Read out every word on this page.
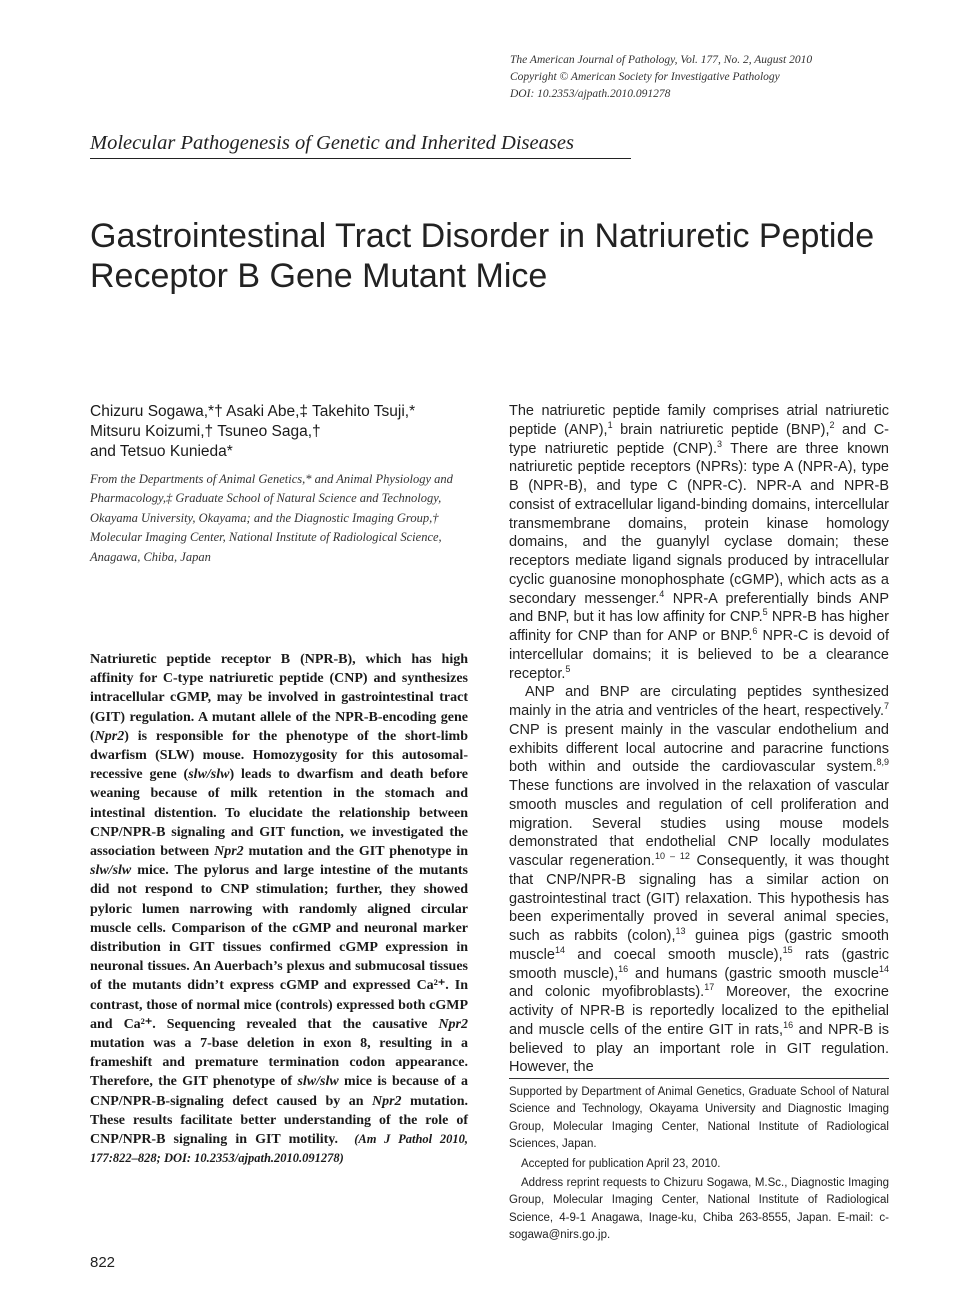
The American Journal of Pathology, Vol. 177, No. 2, August 2010
Copyright © American Society for Investigative Pathology
DOI: 10.2353/ajpath.2010.091278
Molecular Pathogenesis of Genetic and Inherited Diseases
Gastrointestinal Tract Disorder in Natriuretic Peptide
Receptor B Gene Mutant Mice
Chizuru Sogawa,*† Asaki Abe,‡ Takehito Tsuji,*
Mitsuru Koizumi,† Tsuneo Saga,†
and Tetsuo Kunieda*
From the Departments of Animal Genetics,* and Animal Physiology and Pharmacology,‡ Graduate School of Natural Science and Technology, Okayama University, Okayama; and the Diagnostic Imaging Group,† Molecular Imaging Center, National Institute of Radiological Science, Anagawa, Chiba, Japan
Natriuretic peptide receptor B (NPR-B), which has high affinity for C-type natriuretic peptide (CNP) and synthesizes intracellular cGMP, may be involved in gastrointestinal tract (GIT) regulation. A mutant allele of the NPR-B-encoding gene (Npr2) is responsible for the phenotype of the short-limb dwarfism (SLW) mouse. Homozygosity for this autosomal-recessive gene (slw/slw) leads to dwarfism and death before weaning because of milk retention in the stomach and intestinal distention. To elucidate the relationship between CNP/NPR-B signaling and GIT function, we investigated the association between Npr2 mutation and the GIT phenotype in slw/slw mice. The pylorus and large intestine of the mutants did not respond to CNP stimulation; further, they showed pyloric lumen narrowing with randomly aligned circular muscle cells. Comparison of the cGMP and neuronal marker distribution in GIT tissues confirmed cGMP expression in neuronal tissues. An Auerbach’s plexus and submucosal tissues of the mutants didn’t express cGMP and expressed Ca²⁺. In contrast, those of normal mice (controls) expressed both cGMP and Ca²⁺. Sequencing revealed that the causative Npr2 mutation was a 7-base deletion in exon 8, resulting in a frameshift and premature termination codon appearance. Therefore, the GIT phenotype of slw/slw mice is because of a CNP/NPR-B-signaling defect caused by an Npr2 mutation. These results facilitate better understanding of the role of CNP/NPR-B signaling in GIT motility. (Am J Pathol 2010, 177:822–828; DOI: 10.2353/ajpath.2010.091278)

The natriuretic peptide family comprises atrial natriuretic peptide (ANP),$^1$ brain natriuretic peptide (BNP),$^2$ and C-type natriuretic peptide (CNP).$^3$ There are three known natriuretic peptide receptors (NPRs): type A (NPR-A), type B (NPR-B), and type C (NPR-C). NPR-A and NPR-B consist of extracellular ligand-binding domains, intercellular transmembrane domains, protein kinase homology domains, and the guanylyl cyclase domain; these receptors mediate ligand signals produced by intracellular cyclic guanosine monophosphate (cGMP), which acts as a secondary messenger.$^4$ NPR-A preferentially binds ANP and BNP, but it has low affinity for CNP.$^5$ NPR-B has higher affinity for CNP than for ANP or BNP.$^6$ NPR-C is devoid of intercellular domains; it is believed to be a clearance receptor.$^5$

ANP and BNP are circulating peptides synthesized mainly in the atria and ventricles of the heart, respectively.$^7$ CNP is present mainly in the vascular endothelium and exhibits different local autocrine and paracrine functions both within and outside the cardiovascular system.$^{8,9}$ These functions are involved in the relaxation of vascular smooth muscles and regulation of cell proliferation and migration. Several studies using mouse models demonstrated that endothelial CNP locally modulates vascular regeneration.$^{10 - 12}$ Consequently, it was thought that CNP/NPR-B signaling has a similar action on gastrointestinal tract (GIT) relaxation. This hypothesis has been experimentally proved in several animal species, such as rabbits (colon),$^{13}$ guinea pigs (gastric smooth muscle$^{14}$ and coecal smooth muscle),$^{15}$ rats (gastric smooth muscle),$^{16}$ and humans (gastric smooth muscle$^{14}$ and colonic myofibroblasts).$^{17}$ Moreover, the exocrine activity of NPR-B is reportedly localized to the epithelial and muscle cells of the entire GIT in rats,$^{16}$ and NPR-B is believed to play an important role in GIT regulation. However, the

Supported by Department of Animal Genetics, Graduate School of Natural Science and Technology, Okayama University and Diagnostic Imaging Group, Molecular Imaging Center, National Institute of Radiological Sciences, Japan.

Accepted for publication April 23, 2010.

Address reprint requests to Chizuru Sogawa, M.Sc., Diagnostic Imaging Group, Molecular Imaging Center, National Institute of Radiological Science, 4-9-1 Anagawa, Inage-ku, Chiba 263-8555, Japan. E-mail: c-sogawa@nirs.go.jp.

822
